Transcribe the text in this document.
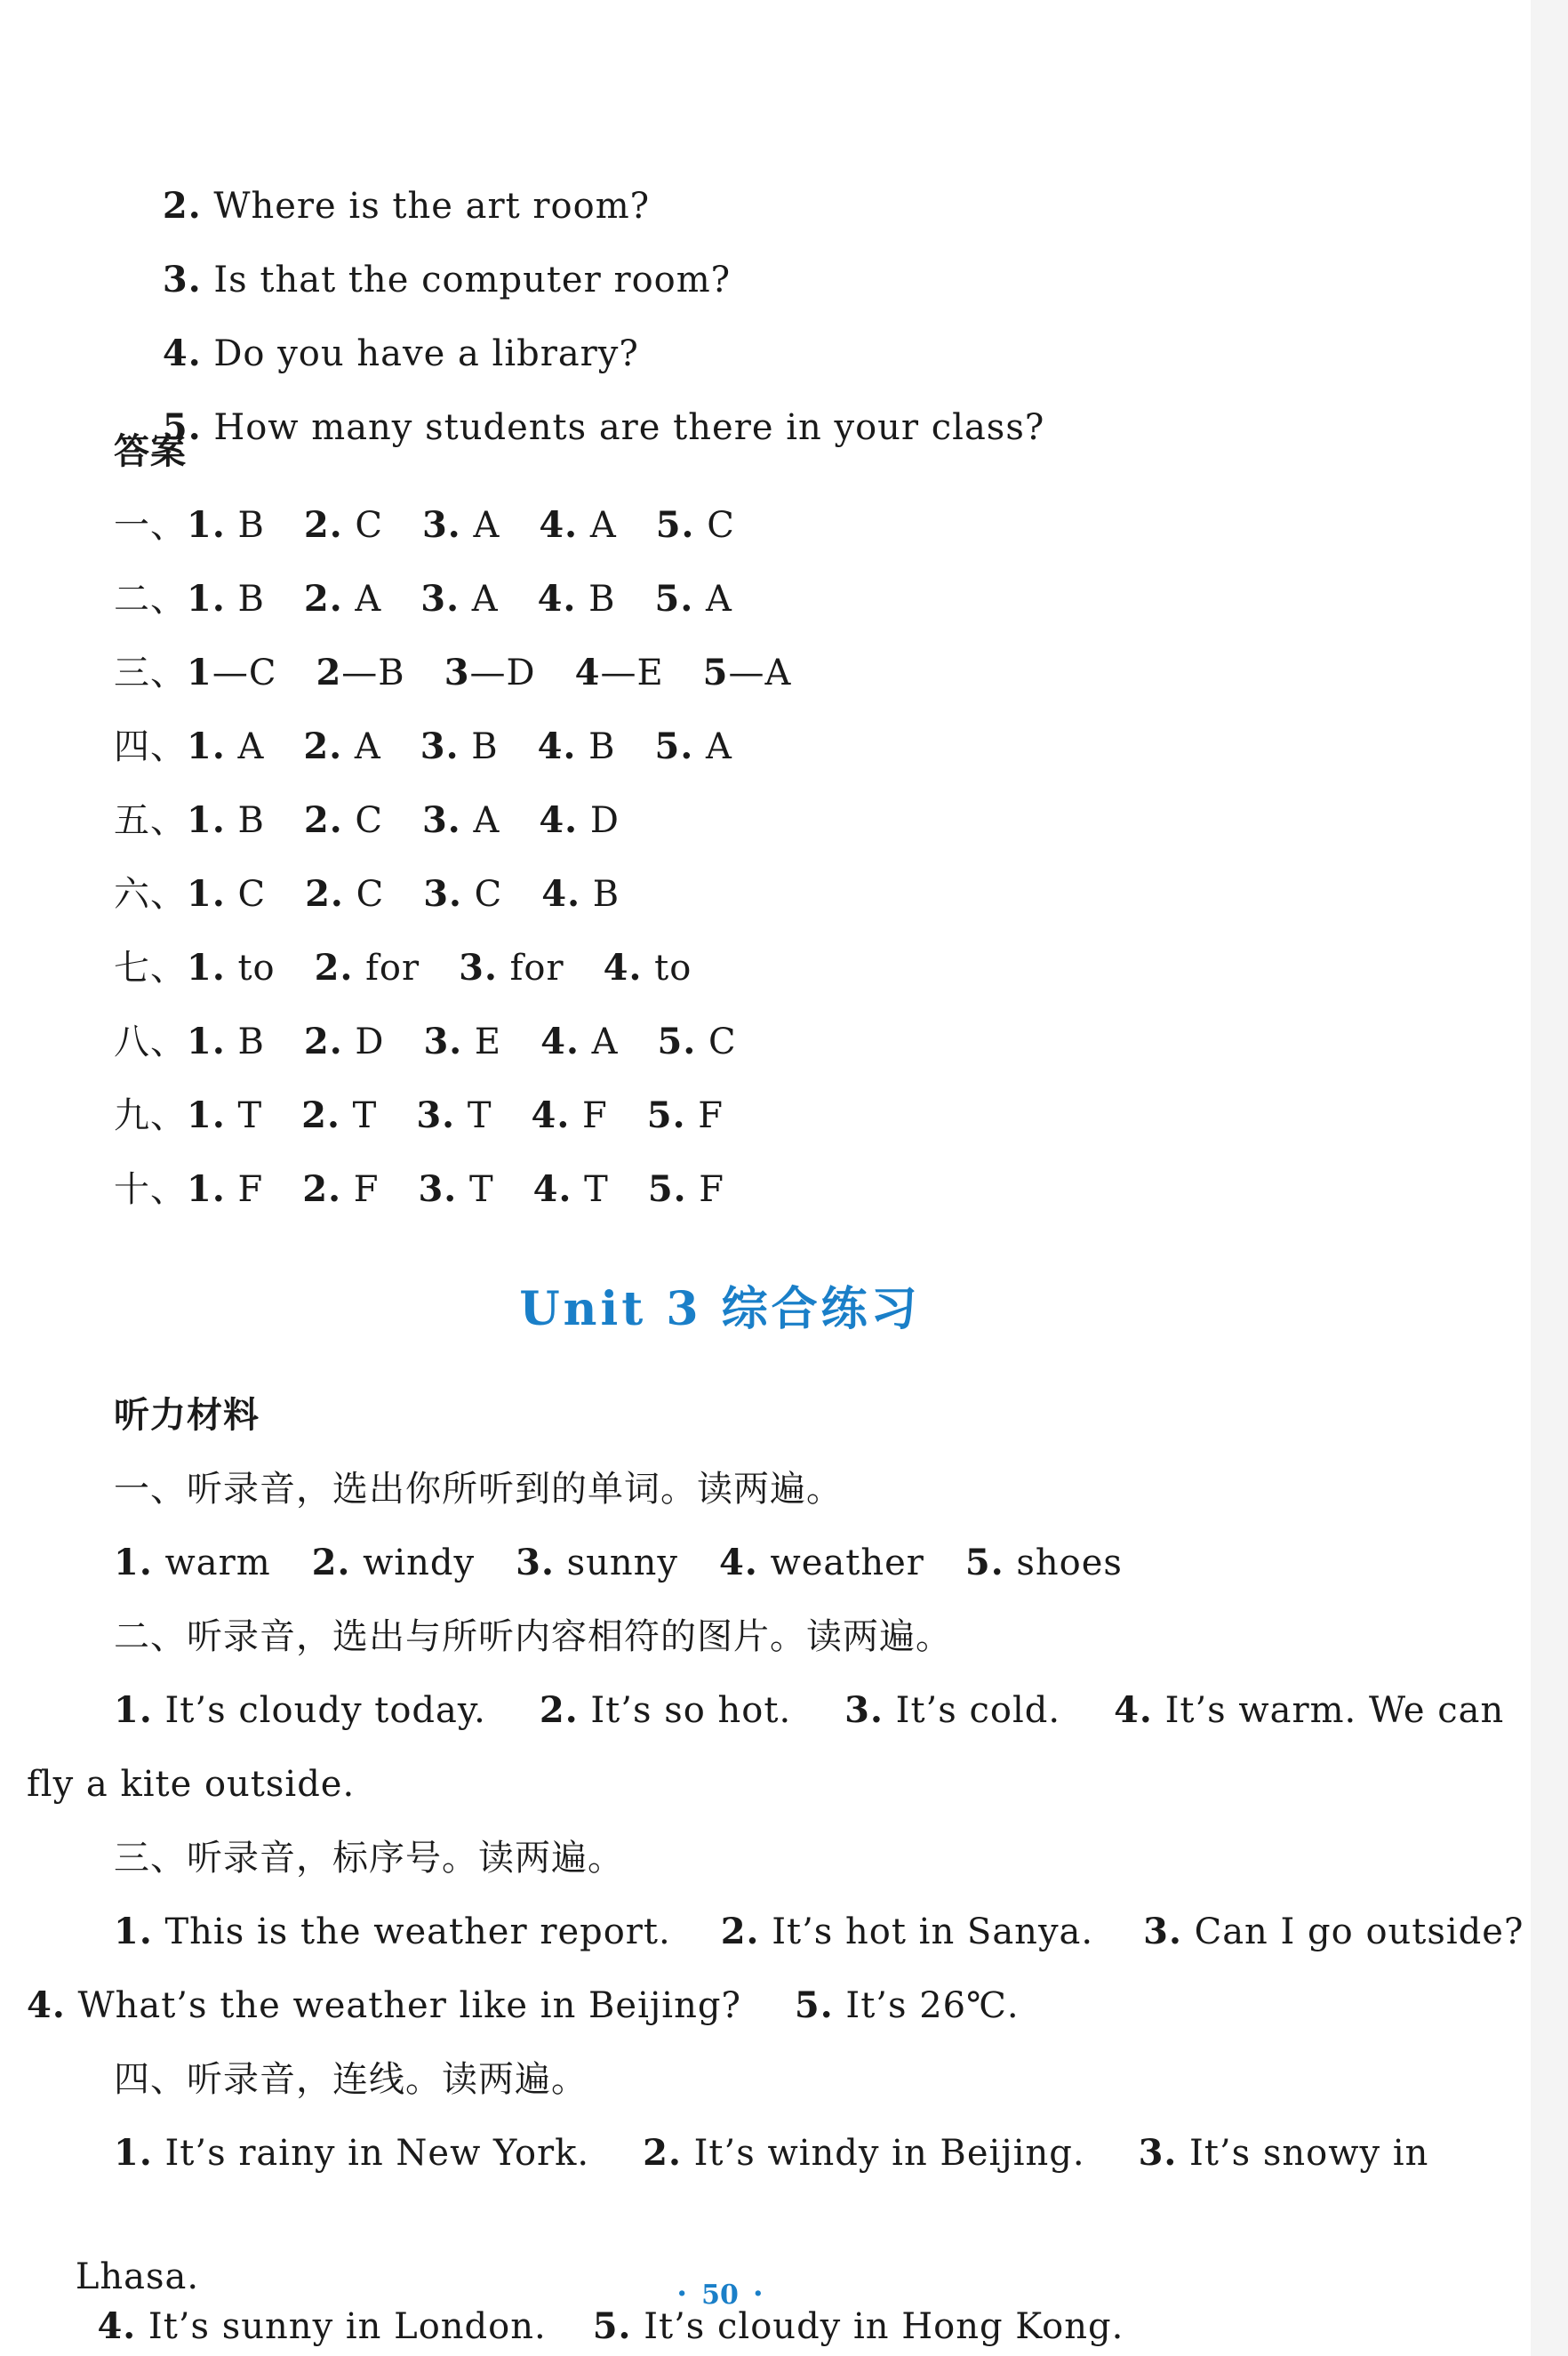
2. Where is the art room?

3. Is that the computer room?

4. Do you have a library?

5. How many students are there in your class?

答案
一、1. B 2. C 3. A 4. A 5. C
二、1. B 2. A 3. A 4. B 5. A
三、1—C 2—B 3—D 4—E 5—A
四、1. A 2. A 3. B 4. B 5. A
五、1. B 2. C 3. A 4. D
六、1. C 2. C 3. C 4. B
七、1. to 2. for 3. for 4. to
八、1. B 2. D 3. E 4. A 5. C
九、1. T 2. T 3. T 4. F 5. F
十、1. F 2. F 3. T 4. T 5. F
Unit 3 综合练习
听力材料
一、听录音，选出你所听到的单词。读两遍。
1. warm 2. windy 3. sunny 4. weather 5. shoes
二、听录音，选出与所听内容相符的图片。读两遍。
1. It’s cloudy today. 2. It’s so hot. 3. It’s cold. 4. It’s warm. We can
fly a kite outside.
三、听录音，标序号。读两遍。
1. This is the weather report. 2. It’s hot in Sanya. 3. Can I go outside?
4. What’s the weather like in Beijing? 5. It’s 26℃.
四、听录音，连线。读两遍。
1. It’s rainy in New York. 2. It’s windy in Beijing. 3. It’s snowy in

Lhasa.
4. It’s sunny in London. 5. It’s cloudy in Hong Kong.
· 50 ·
